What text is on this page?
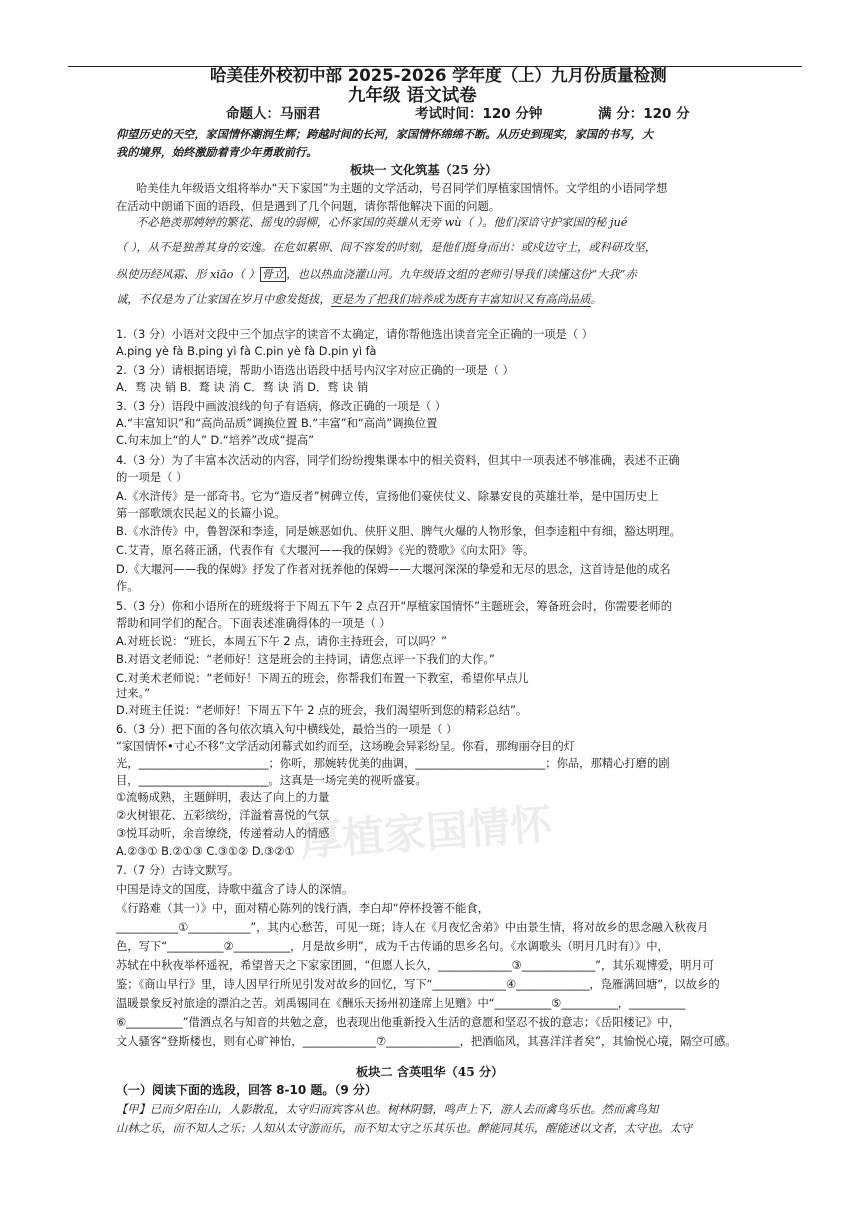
哈美佳外校初中部 2025-2026 学年度（上）九月份质量检测
九年级 语文试卷
命题人：马丽君	考试时间：120 分钟	满 分：120 分
仰望历史的天空，家国情怀潮润生辉；跨越时间的长河，家国情怀绵绵不断。从历史到现实，家国的书写，大
我的境界，始终激励着青少年勇敢前行。
板块一 文化筑基（25 分）
哈美佳九年级语文组将举办“天下家国”为主题的文学活动，号召同学们厚植家国情怀。文学组的小语同学想
在活动中朗诵下面的语段，但是遇到了几个问题，请你帮他解决下面的问题。
不必艳羡那娉婷的繁花、摇曳的弱柳，心怀家国的英雄从无旁 wù（ ）。他们深谙守护家国的秘 jué
（ ），从不是独善其身的安逸。在危如累卵、间不容发的时刻，是他们挺身而出：或戍边守土，或科研攻坚，
纵使历经风霜、形 xiāo（ ） 骨立 ，也以热血浇灌山河。九年级语文组的老师引导我们读懂这份“大我”赤
诚，不仅是为了让家国在岁月中愈发挺拔，更是为了把我们培养成为既有丰富知识又有高尚品质。
1.（3 分）小语对文段中三个加点字的读音不太确定，请你帮他选出读音完全正确的一项是（ ）
A.ping yè fà B.ping yì fà C.pin yè fà D.pin yì fà
2.（3 分）请根据语境，帮助小语选出语段中括号内汉字对应正确的一项是（ ）
A．骛 决 销 B．鹜 诀 消 C．骛 诀 消 D．骛 诀 销
3.（3 分）语段中画波浪线的句子有语病，修改正确的一项是（ ）
A.“丰富知识”和“高尚品质”调换位置 B.“丰富”和“高尚”调换位置
C.句末加上“的人” D.“培养”改成“提高”
4.（3 分）为了丰富本次活动的内容，同学们纷纷搜集课本中的相关资料，但其中一项表述不够准确，表述不正确
的一项是（ ）
A.《水浒传》是一部奇书。它为“造反者”树碑立传，宣扬他们豪侠仗义、除暴安良的英雄壮举，是中国历史上
第一部歌颂农民起义的长篇小说。
B.《水浒传》中，鲁智深和李逵，同是嫉恶如仇、侠肝义胆、脾气火爆的人物形象，但李逵粗中有细，豁达明理。
C.艾青，原名蒋正涵，代表作有《大堰河——我的保姆》《光的赞歌》《向太阳》等。
D.《大堰河——我的保姆》抒发了作者对抚养他的保姆——大堰河深深的挚爱和无尽的思念，这首诗是他的成名
作。
5.（3 分）你和小语所在的班级将于下周五下午 2 点召开“厚植家国情怀”主题班会，筹备班会时，你需要老师的
帮助和同学们的配合。下面表述准确得体的一项是（ ）
A.对班长说：“班长，本周五下午 2 点，请你主持班会，可以吗？”
B.对语文老师说：“老师好！这是班会的主持词，请您点评一下我们的大作。”
C.对美术老师说：“老师好！下周五的班会，你帮我们布置一下教室，希望你早点儿
过来。”
D.对班主任说：“老师好！下周五下午 2 点的班会，我们渴望听到您的精彩总结”。
6.（3 分）把下面的各句依次填入句中横线处，最恰当的一项是（ ）
“家国情怀•寸心不移”文学活动闭幕式如约而至，这场晚会异彩纷呈。你看，那绚丽夺目的灯
光，_______________________；你听，那婉转优美的曲调，_______________________；你品，那精心打磨的剧
目，_______________________。这真是一场完美的视听盛宴。
①流畅成熟，主题鲜明，表达了向上的力量
②火树银花、五彩缤纷，洋溢着喜悦的气氛
③悦耳动听，余音缭绕，传递着动人的情感
A.②③① B.②①③ C.③①② D.③②①
7.（7 分）古诗文默写。
中国是诗文的国度，诗歌中蕴含了诗人的深情。
《行路难（其一）》中，面对精心陈列的饯行酒，李白却“停杯投箸不能食，
___________①___________”，其内心愁苦，可见一斑；诗人在《月夜忆舍弟》中由景生情，将对故乡的思念融入秋夜月
色，写下“__________②__________，月是故乡明”，成为千古传诵的思乡名句。《水调歌头（明月几时有）》中，
苏轼在中秋夜举杯遥祝，希望普天之下家家团圆，“但愿人长久，_____________③_____________”，其乐观博爱，明月可
鉴；《商山早行》里，诗人因早行所见引发对故乡的回忆，写下“_____________④_____________，凫雁满回塘”，以故乡的
温暖景象反衬旅途的漂泊之苦。刘禹锡同在《酬乐天扬州初逢席上见赠》中“__________⑤__________，__________
⑥__________”借酒点名与知音的共勉之意，也表现出他重新投入生活的意愿和坚忍不拔的意志；《岳阳楼记》中，
文人骚客“登斯楼也，则有心旷神怡，_____________⑦_____________，把酒临风，其喜洋洋者矣”，其愉悦心境，隔空可感。
板块二 含英咀华（45 分）
（一）阅读下面的选段，回答 8-10 题。（9 分）
【甲】已而夕阳在山，人影散乱，太守归而宾客从也。树林阴翳，鸣声上下，游人去而禽鸟乐也。然而禽鸟知
山林之乐，而不知人之乐；人知从太守游而乐，而不知太守之乐其乐也。醉能同其乐，醒能述以文者，太守也。太守
厚植家国情怀
